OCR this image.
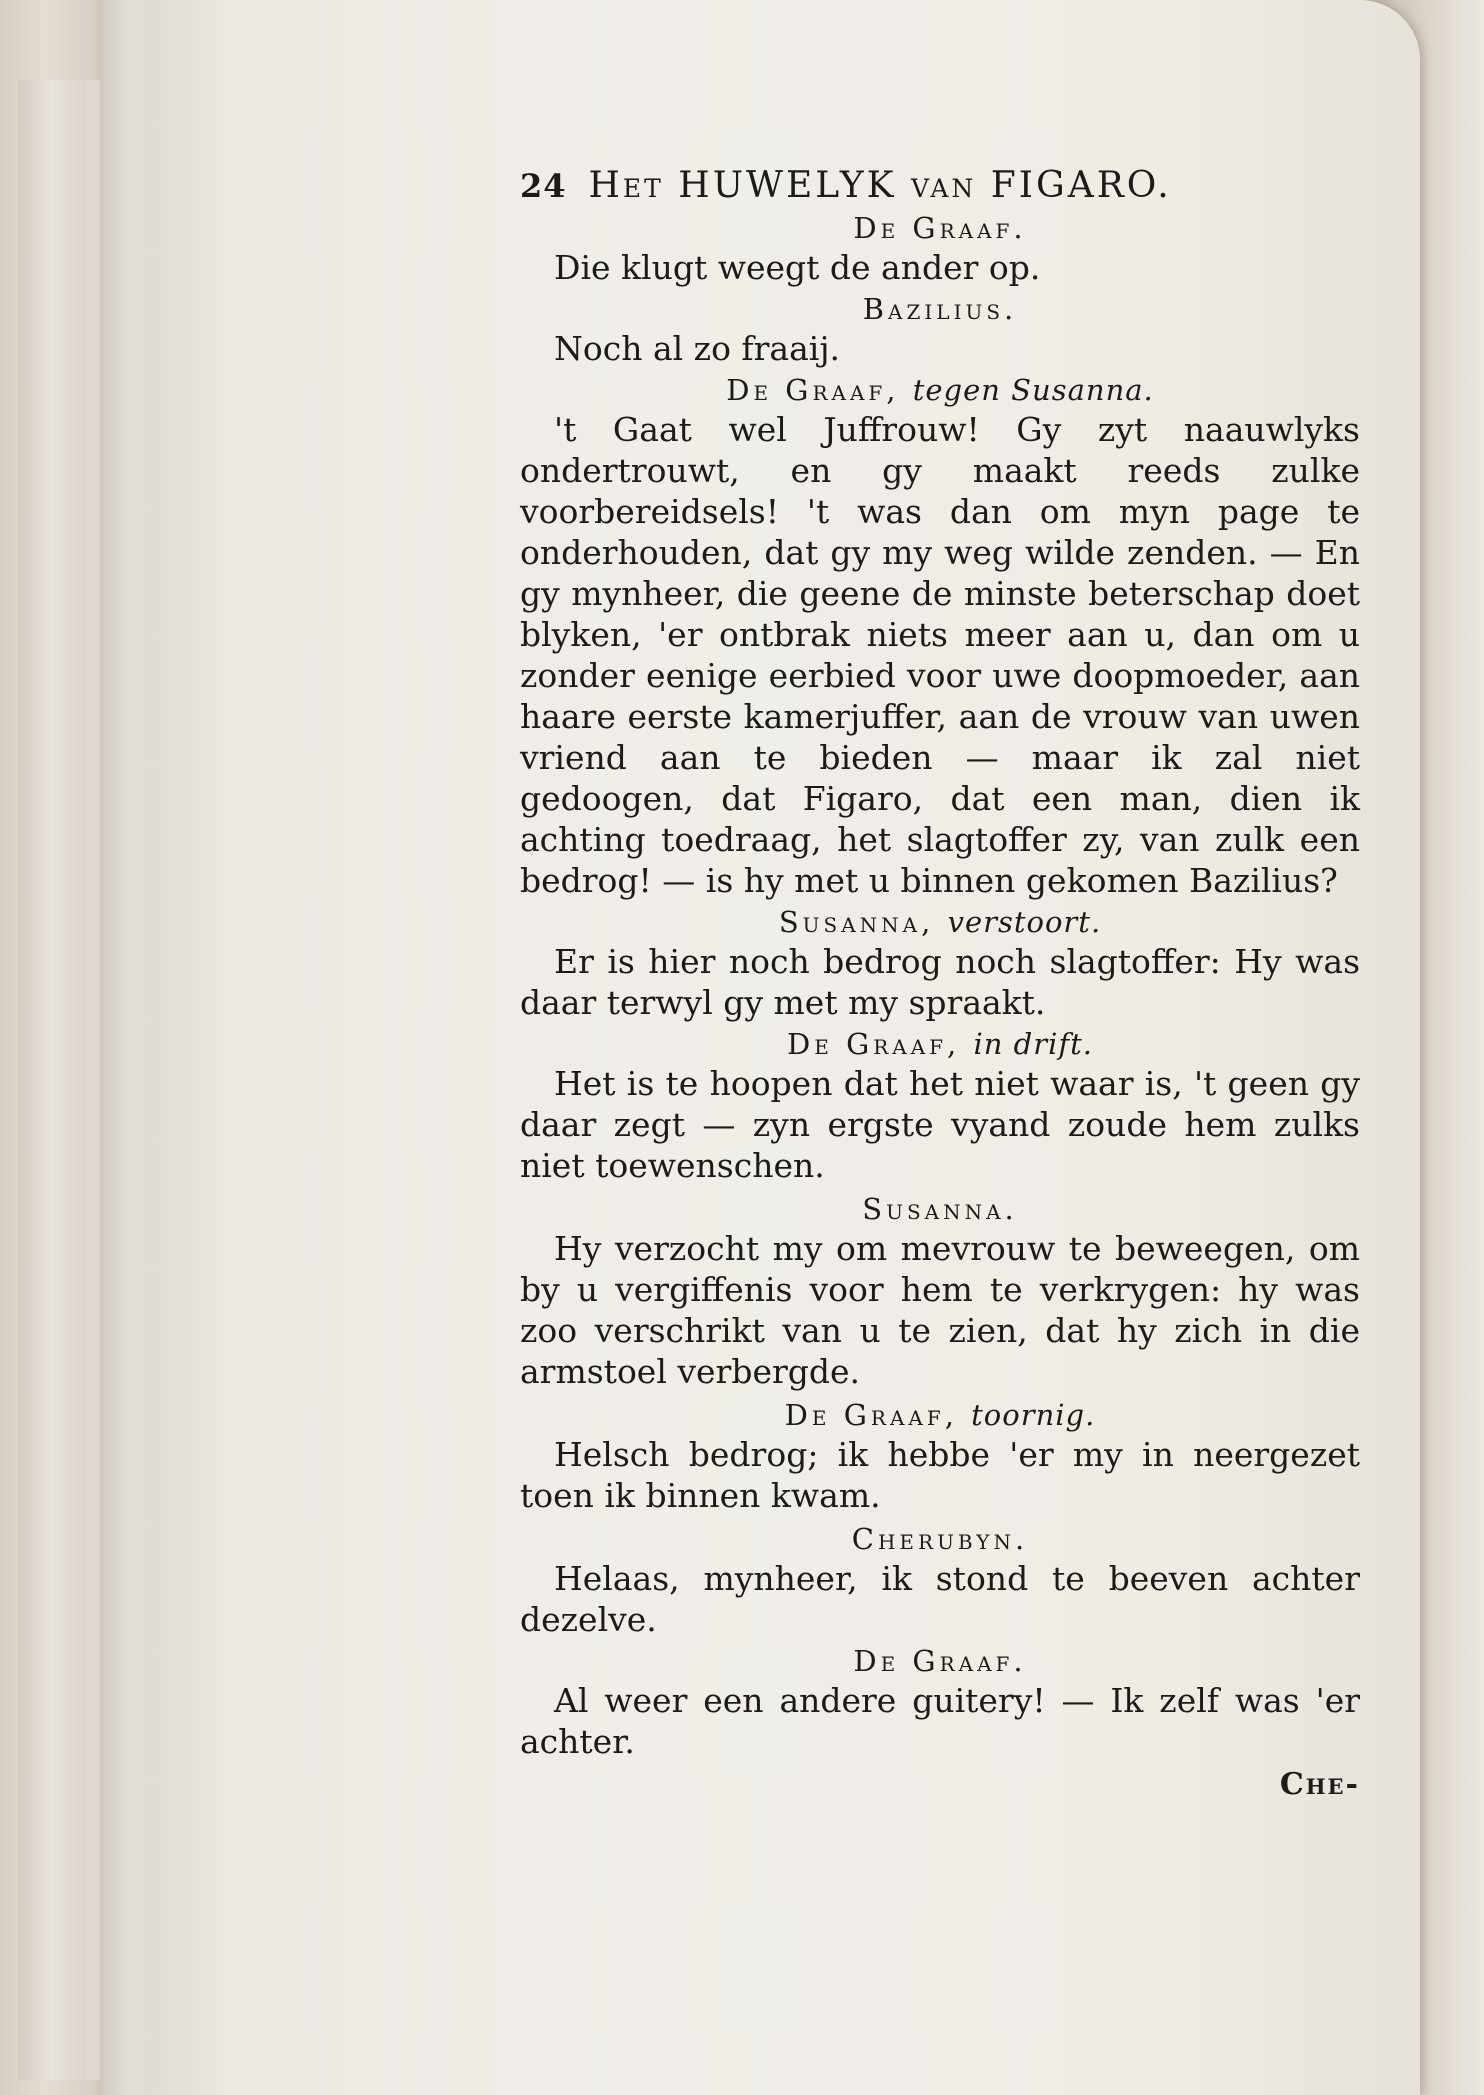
24 Het HUWELYK van FIGARO.
De Graaf.

Die klugt weegt de ander op.

Bazilius.

Noch al zo fraaij.

De Graaf, tegen Susanna.

't Gaat wel Juffrouw! Gy zyt naauwlyks ondertrouwt, en gy maakt reeds zulke voorbereidsels! 't was dan om myn page te onderhouden, dat gy my weg wilde zenden. — En gy mynheer, die geene de minste beterschap doet blyken, 'er ontbrak niets meer aan u, dan om u zonder eenige eerbied voor uwe doopmoeder, aan haare eerste kamerjuffer, aan de vrouw van uwen vriend aan te bieden — maar ik zal niet gedoogen, dat Figaro, dat een man, dien ik achting toedraag, het slagtoffer zy, van zulk een bedrog! — is hy met u binnen gekomen Bazilius?

Susanna, verstoort.

Er is hier noch bedrog noch slagtoffer: Hy was daar terwyl gy met my spraakt.

De Graaf, in drift.

Het is te hoopen dat het niet waar is, 't geen gy daar zegt — zyn ergste vyand zoude hem zulks niet toewenschen.

Susanna.

Hy verzocht my om mevrouw te beweegen, om by u vergiffenis voor hem te verkrygen: hy was zoo verschrikt van u te zien, dat hy zich in die armstoel verbergde.

De Graaf, toornig.

Helsch bedrog; ik hebbe 'er my in neergezet toen ik binnen kwam.

Cherubyn.

Helaas, mynheer, ik stond te beeven achter dezelve.

De Graaf.

Al weer een andere guitery! — Ik zelf was 'er achter.

Che-
